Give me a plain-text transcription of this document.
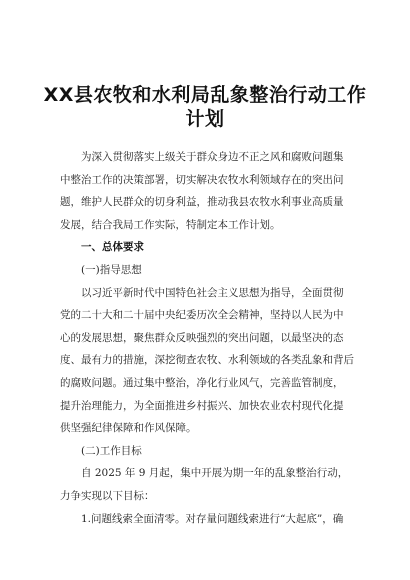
XX县农牧和水利局乱象整治行动工作
计划
为深入贯彻落实上级关于群众身边不正之风和腐败问题集
中整治工作的决策部署，切实解决农牧水利领域存在的突出问
题，维护人民群众的切身利益，推动我县农牧水利事业高质量
发展，结合我局工作实际，特制定本工作计划。
一、总体要求
(一)指导思想
以习近平新时代中国特色社会主义思想为指导，全面贯彻
党的二十大和二十届中央纪委历次全会精神，坚持以人民为中
心的发展思想，聚焦群众反映强烈的突出问题，以最坚决的态
度、最有力的措施，深挖彻查农牧、水利领域的各类乱象和背后
的腐败问题。通过集中整治，净化行业风气，完善监管制度，
提升治理能力，为全面推进乡村振兴、加快农业农村现代化提
供坚强纪律保障和作风保障。
(二)工作目标
自 2025 年 9 月起，集中开展为期一年的乱象整治行动，
力争实现以下目标：
1.问题线索全面清零。对存量问题线索进行“大起底”，确
